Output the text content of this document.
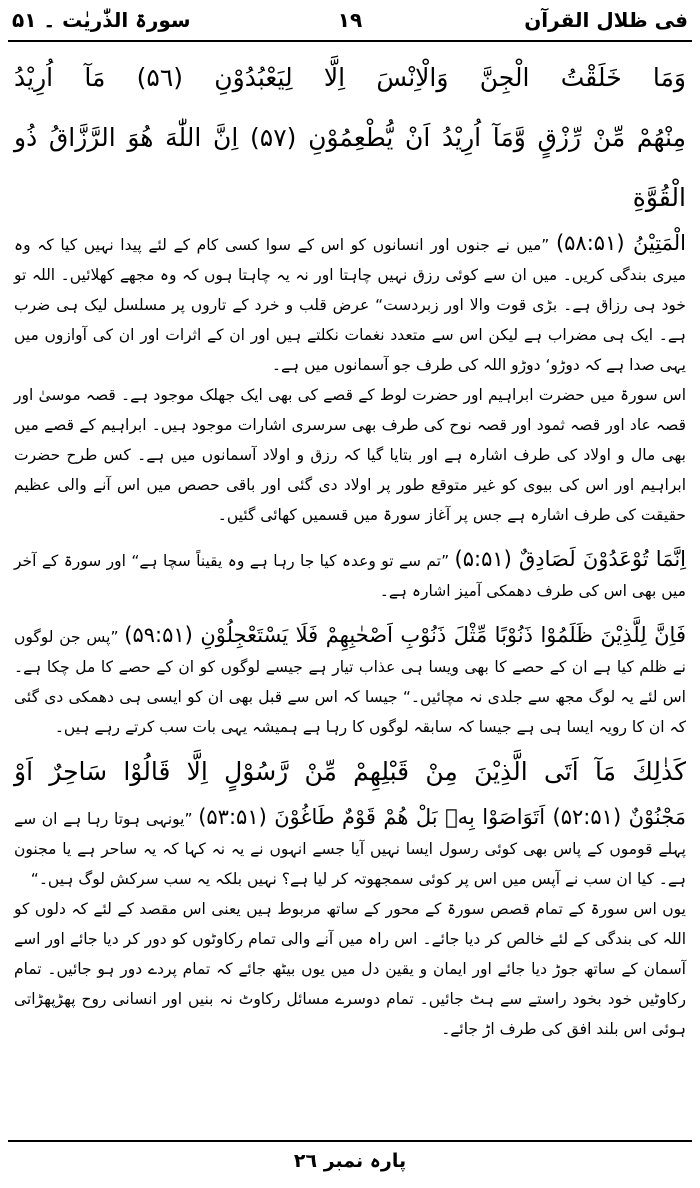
فی ظلال القرآن
١٩
سورۃ الذّٰریٰت ۔ ۵۱

وَمَا خَلَقْتُ الْجِنَّ وَالْاِنْسَ اِلَّا لِيَعْبُدُوْنِ (۵٦) مَآ اُرِيْدُ

مِنْهُمْ مِّنْ رِّزْقٍ وَّمَآ اُرِيْدُ اَنْ يُّطْعِمُوْنِ (۵۷) اِنَّ اللّٰهَ هُوَ الرَّزَّاقُ ذُو الْقُوَّةِ

الْمَتِيْنُ (۵۸:۵۱) ”میں نے جنوں اور انسانوں کو اس کے سوا کسی کام کے لئے پیدا نہیں کیا کہ وہ میری بندگی کریں۔ میں ان سے کوئی رزق نہیں چاہتا اور نہ یہ چاہتا ہوں کہ وہ مجھے کھلائیں۔ اللہ تو خود ہی رزاق ہے۔ بڑی قوت والا اور زبردست“ عرض قلب و خرد کے تاروں پر مسلسل لیک ہی ضرب ہے۔ ایک ہی مضراب ہے لیکن اس سے متعدد نغمات نکلتے ہیں اور ان کے اثرات اور ان کی آوازوں میں یہی صدا ہے کہ دوڑو‘ دوڑو اللہ کی طرف جو آسمانوں میں ہے۔

اس سورۃ میں حضرت ابراہیم اور حضرت لوط کے قصے کی بھی ایک جھلک موجود ہے۔ قصہ موسیٰ اور قصہ عاد اور قصہ ثمود اور قصہ نوح کی طرف بھی سرسری اشارات موجود ہیں۔ ابراہیم کے قصے میں بھی مال و اولاد کی طرف اشارہ ہے اور بتایا گیا کہ رزق و اولاد آسمانوں میں ہے۔ کس طرح حضرت ابراہیم اور اس کی بیوی کو غیر متوقع طور پر اولاد دی گئی اور باقی حصص میں اس آنے والی عظیم حقیقت کی طرف اشارہ ہے جس پر آغاز سورۃ میں قسمیں کھائی گئیں۔

اِنَّمَا تُوْعَدُوْنَ لَصَادِقٌ (۵:۵۱) ”تم سے تو وعدہ کیا جا رہا ہے وہ یقیناً سچا ہے“ اور سورۃ کے آخر میں بھی اس کی طرف دھمکی آمیز اشارہ ہے۔

فَاِنَّ لِلَّذِيْنَ ظَلَمُوْا ذَنُوْبًا مِّثْلَ ذَنُوْبِ اَصْحٰبِهِمْ فَلَا يَسْتَعْجِلُوْنِ (۵۹:۵۱) ”پس جن لوگوں نے ظلم کیا ہے ان کے حصے کا بھی ویسا ہی عذاب تیار ہے جیسے لوگوں کو ان کے حصے کا مل چکا ہے۔ اس لئے یہ لوگ مجھ سے جلدی نہ مچائیں۔“ جیسا کہ اس سے قبل بھی ان کو ایسی ہی دھمکی دی گئی کہ ان کا رویہ ایسا ہی ہے جیسا کہ سابقہ لوگوں کا رہا ہے ہمیشہ یہی بات سب کرتے رہے ہیں۔

كَذٰلِكَ مَآ اَتَى الَّذِيْنَ مِنْ قَبْلِهِمْ مِّنْ رَّسُوْلٍ اِلَّا قَالُوْا سَاحِرٌ اَوْ

مَجْنُوْنٌ (۵۲:۵۱) اَتَوَاصَوْا بِهٖ بَلْ هُمْ قَوْمٌ طَاغُوْنَ (۵۳:۵۱) ”یونہی ہوتا رہا ہے ان سے پہلے قوموں کے پاس بھی کوئی رسول ایسا نہیں آیا جسے انہوں نے یہ نہ کہا کہ یہ ساحر ہے یا مجنون ہے۔ کیا ان سب نے آپس میں اس پر کوئی سمجھوتہ کر لیا ہے؟ نہیں بلکہ یہ سب سرکش لوگ ہیں۔“

یوں اس سورۃ کے تمام قصص سورۃ کے محور کے ساتھ مربوط ہیں یعنی اس مقصد کے لئے کہ دلوں کو اللہ کی بندگی کے لئے خالص کر دیا جائے۔ اس راہ میں آنے والی تمام رکاوٹوں کو دور کر دیا جائے اور اسے آسمان کے ساتھ جوڑ دیا جائے اور ایمان و یقین دل میں یوں بیٹھ جائے کہ تمام پردے دور ہو جائیں۔ تمام رکاوٹیں خود بخود راستے سے ہٹ جائیں۔ تمام دوسرے مسائل رکاوٹ نہ بنیں اور انسانی روح پھڑپھڑاتی ہوئی اس بلند افق کی طرف اڑ جائے۔

پارہ نمبر ۲٦
